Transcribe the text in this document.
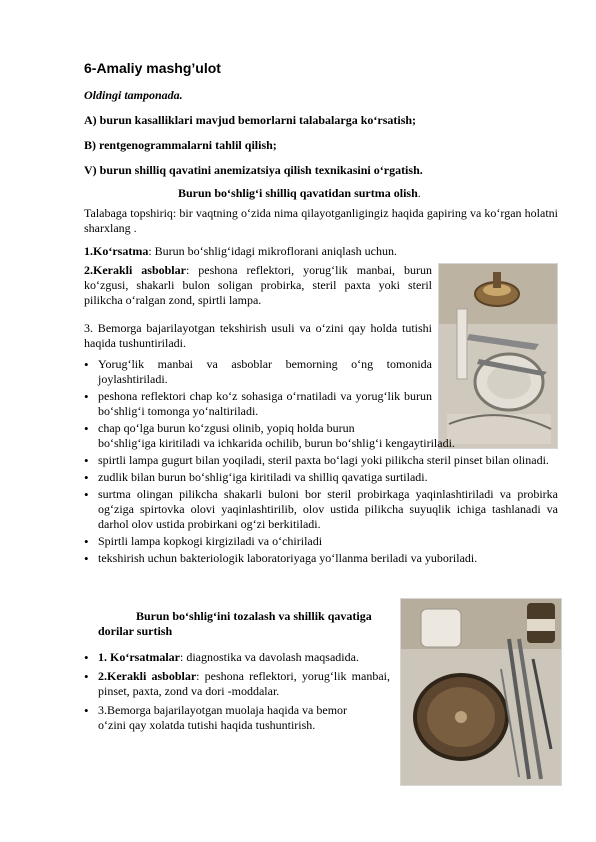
6-Amaliy mashg’ulot
Oldingi tamponada.
A) burun kasalliklari mavjud bemorlarni talabalarga ko‘rsatish;
B) rentgenogrammalarni tahlil qilish;
V) burun shilliq qavatini anemizatsiya qilish texnikasini o‘rgatish.
Burun bo‘shlig‘i shilliq qavatidan surtma olish.
Talabaga topshiriq: bir vaqtning o‘zida nima qilayotganligingiz haqida gapiring va ko‘rgan holatni sharxlang .
1.Ko‘rsatma: Burun bo‘shlig‘idagi mikroflorani aniqlash uchun.
2.Kerakli asboblar: peshona reflektori, yorug‘lik manbai, burun ko‘zgusi, shakarli bulon soligan probirka, steril paxta yoki steril pilikcha o‘ralgan zond, spirtli lampa.
3. Bemorga bajarilayotgan tekshirish usuli va o‘zini qay holda tutishi haqida tushuntiriladi.
• Yorug‘lik manbai va asboblar bemorning o‘ng tomonida joylashtiriladi.
• peshona reflektori chap ko‘z sohasiga o‘rnatiladi va yorug‘lik burun bo‘shlig‘i tomonga yo‘naltiriladi.
• chap qo‘lga burun ko‘zgusi olinib, yopiq holda burun
bo‘shlig‘iga kiritiladi va ichkarida ochilib, burun bo‘shlig‘i kengaytiriladi.
• spirtli lampa gugurt bilan yoqiladi, steril paxta bo‘lagi yoki pilikcha steril pinset bilan olinadi.
• zudlik bilan burun bo‘shlig‘iga kiritiladi va shilliq qavatiga surtiladi.
• surtma olingan pilikcha shakarli buloni bor steril probirkaga yaqinlashtiriladi va probirka og‘ziga spirtovka olovi yaqinlashtirilib, olov ustida pilikcha suyuqlik ichiga tashlanadi va darhol olov ustida probirkani og‘zi berkitiladi.
• Spirtli lampa kopkogi kirgiziladi va o‘chiriladi
• tekshirish uchun bakteriologik laboratoriyaga yo‘llanma beriladi va yuboriladi.
Burun bo‘shlig‘ini tozalash va shillik qavatiga dorilar surtish
• 1. Ko‘rsatmalar: diagnostika va davolash maqsadida.
• 2.Kerakli asboblar: peshona reflektori, yorug‘lik manbai, pinset, paxta, zond va dori -moddalar.
• 3.Bemorga bajarilayotgan muolaja haqida va bemor o‘zini qay xolatda tutishi haqida tushuntirish.
